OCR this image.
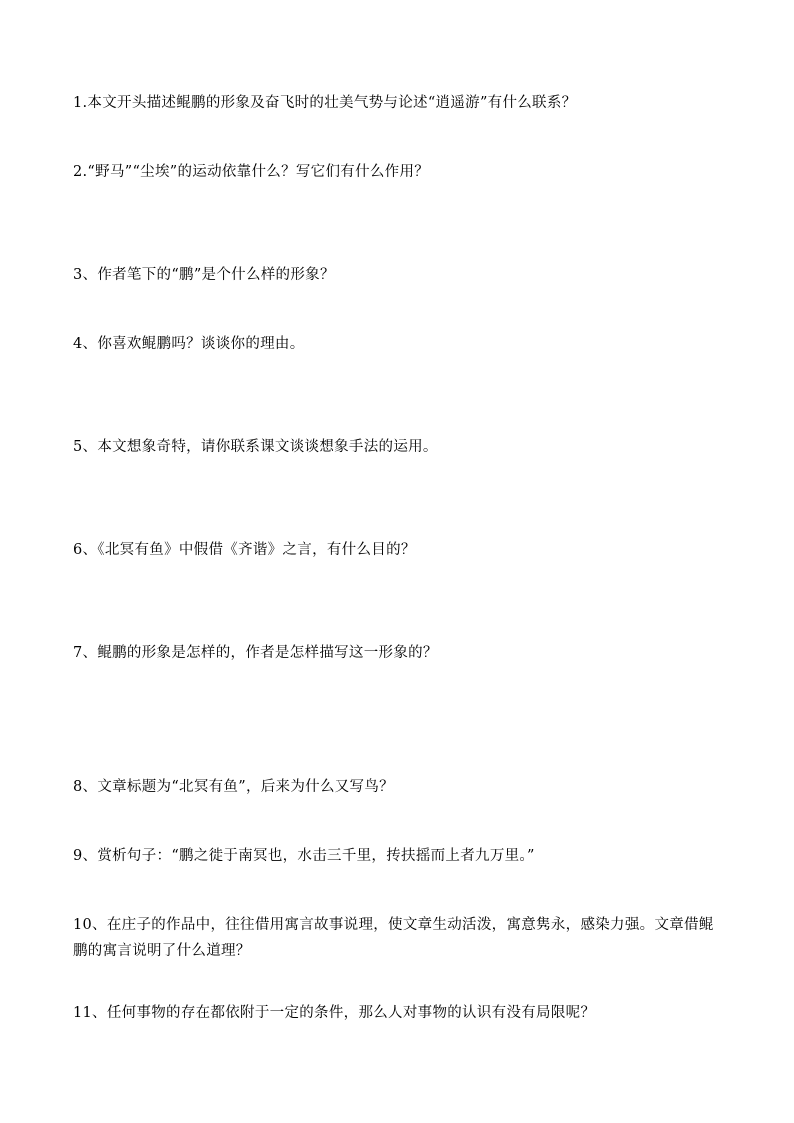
1.本文开头描述鲲鹏的形象及奋飞时的壮美气势与论述“逍遥游”有什么联系？
2.“野马”“尘埃”的运动依靠什么？写它们有什么作用？
3、作者笔下的“鹏”是个什么样的形象？
4、你喜欢鲲鹏吗？谈谈你的理由。
5、本文想象奇特，请你联系课文谈谈想象手法的运用。
6、《北冥有鱼》中假借《齐谐》之言，有什么目的？
7、鲲鹏的形象是怎样的，作者是怎样描写这一形象的？
8、文章标题为“北冥有鱼”，后来为什么又写鸟？
9、赏析句子：“鹏之徙于南冥也，水击三千里，抟扶摇而上者九万里。”
10、在庄子的作品中，往往借用寓言故事说理，使文章生动活泼，寓意隽永，感染力强。文章借鲲鹏的寓言说明了什么道理？
11、任何事物的存在都依附于一定的条件，那么人对事物的认识有没有局限呢？
